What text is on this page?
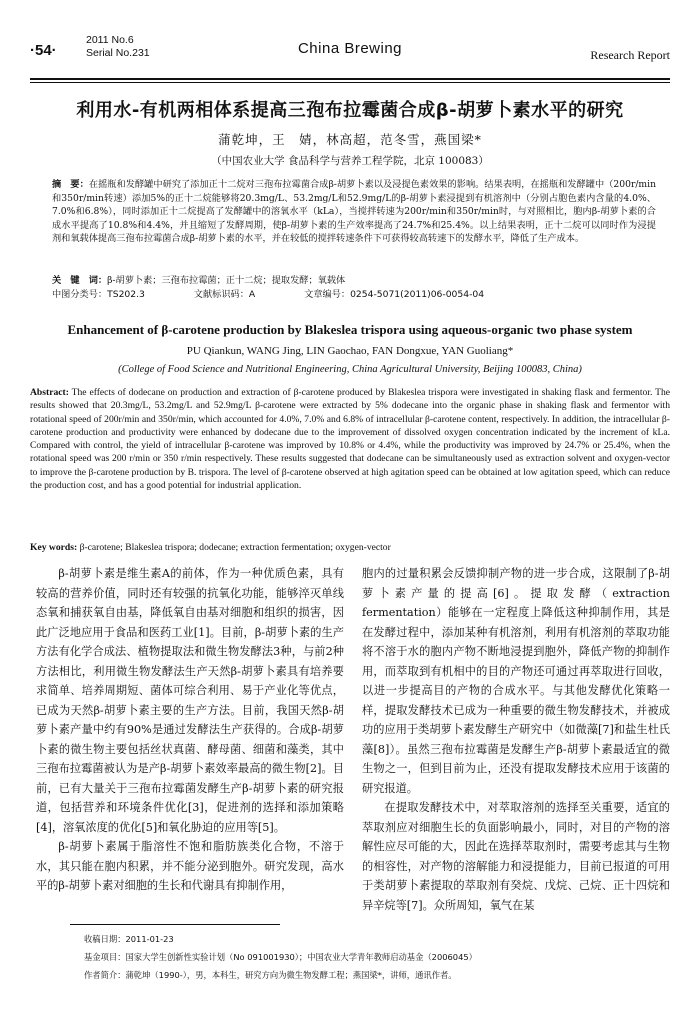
·54·
2011 No.6
Serial No.231	China Brewing	Research Report
利用水-有机两相体系提高三孢布拉霉菌合成β-胡萝卜素水平的研究
蒲乾坤，王　婧，林高超，范冬雪，燕国梁*
（中国农业大学 食品科学与营养工程学院，北京 100083）
摘　要：在摇瓶和发酵罐中研究了添加正十二烷对三孢布拉霉菌合成β-胡萝卜素以及浸提色素效果的影响。结果表明，在摇瓶和发酵罐中（200r/min和350r/min转速）添加5%的正十二烷能够将20.3mg/L、53.2mg/L和52.9mg/L的β-胡萝卜素浸提到有机溶剂中（分别占胞色素内含量的4.0%、7.0%和6.8%），同时添加正十二烷提高了发酵罐中的溶氧水平（kLa），当搅拌转速为200r/min和350r/min时，与对照相比，胞内β-胡萝卜素的合成水平提高了10.8%和4.4%，并且缩短了发酵周期，使β-胡萝卜素的生产效率提高了24.7%和25.4%。以上结果表明，正十二烷可以同时作为浸提剂和氧载体提高三孢布拉霉菌合成β-胡萝卜素的水平，并在较低的搅拌转速条件下可获得较高转速下的发酵水平，降低了生产成本。
关　键　词：β-胡萝卜素；三孢布拉霉菌；正十二烷；提取发酵；氧载体
中图分类号：TS202.3	文献标识码：A	文章编号：0254-5071(2011)06-0054-04
Enhancement of β-carotene production by Blakeslea trispora using aqueous-organic two phase system
PU Qiankun, WANG Jing, LIN Gaochao, FAN Dongxue, YAN Guoliang*
(College of Food Science and Nutritional Engineering, China Agricultural University, Beijing 100083, China)
Abstract: The effects of dodecane on production and extraction of β-carotene produced by Blakeslea trispora were investigated in shaking flask and fermentor. The results showed that 20.3mg/L, 53.2mg/L and 52.9mg/L β-carotene were extracted by 5% dodecane into the organic phase in shaking flask and fermentor with rotational speed of 200r/min and 350r/min, which accounted for 4.0%, 7.0% and 6.8% of intracellular β-carotene content, respectively. In addition, the intracellular β-carotene production and productivity were enhanced by dodecane due to the improvement of dissolved oxygen concentration indicated by the increment of kLa. Compared with control, the yield of intracellular β-carotene was improved by 10.8% or 4.4%, while the productivity was improved by 24.7% or 25.4%, when the rotational speed was 200 r/min or 350 r/min respectively. These results suggested that dodecane can be simultaneously used as extraction solvent and oxygen-vector to improve the β-carotene production by B. trispora. The level of β-carotene observed at high agitation speed can be obtained at low agitation speed, which can reduce the production cost, and has a good potential for industrial application.
Key words: β-carotene; Blakeslea trispora; dodecane; extraction fermentation; oxygen-vector

β-胡萝卜素是维生素A的前体，作为一种优质色素，具有较高的营养价值，同时还有较强的抗氧化功能，能够淬灭单线态氧和捕获氧自由基，降低氧自由基对细胞和组织的损害，因此广泛地应用于食品和医药工业[1]。目前，β-胡萝卜素的生产方法有化学合成法、植物提取法和微生物发酵法3种，与前2种方法相比，利用微生物发酵法生产天然β-胡萝卜素具有培养要求简单、培养周期短、菌体可综合利用、易于产业化等优点，已成为天然β-胡萝卜素主要的生产方法。目前，我国天然β-胡萝卜素产量中约有90%是通过发酵法生产获得的。合成β-胡萝卜素的微生物主要包括丝状真菌、酵母菌、细菌和藻类，其中三孢布拉霉菌被认为是产β-胡萝卜素效率最高的微生物[2]。目前，已有大量关于三孢布拉霉菌发酵生产β-胡萝卜素的研究报道，包括营养和环境条件优化[3]，促进剂的选择和添加策略[4]，溶氧浓度的优化[5]和氧化胁迫的应用等[5]。

β-胡萝卜素属于脂溶性不饱和脂肪族类化合物，不溶于水，其只能在胞内积累，并不能分泌到胞外。研究发现，高水平的β-胡萝卜素对细胞的生长和代谢具有抑制作用，

胞内的过量积累会反馈抑制产物的进一步合成，这限制了β-胡萝卜素产量的提高[6]。提取发酵（extraction fermentation）能够在一定程度上降低这种抑制作用，其是在发酵过程中，添加某种有机溶剂，利用有机溶剂的萃取功能将不溶于水的胞内产物不断地浸提到胞外，降低产物的抑制作用，而萃取到有机相中的目的产物还可通过再萃取进行回收，以进一步提高目的产物的合成水平。与其他发酵优化策略一样，提取发酵技术已成为一种重要的微生物发酵技术，并被成功的应用于类胡萝卜素发酵生产研究中（如微藻[7]和盐生杜氏藻[8]）。虽然三孢布拉霉菌是发酵生产β-胡萝卜素最适宜的微生物之一，但到目前为止，还没有提取发酵技术应用于该菌的研究报道。

在提取发酵技术中，对萃取溶剂的选择至关重要，适宜的萃取剂应对细胞生长的负面影响最小，同时，对目的产物的溶解性应尽可能的大，因此在选择萃取剂时，需要考虑其与生物的相容性，对产物的溶解能力和浸提能力，目前已报道的可用于类胡萝卜素提取的萃取剂有癸烷、戊烷、己烷、正十四烷和异辛烷等[7]。众所周知，氧气在某

收稿日期：2011-01-23
基金项目：国家大学生创新性实验计划（No 091001930）；中国农业大学青年教师启动基金（2006045）
作者简介：蒲乾坤（1990-），男，本科生，研究方向为微生物发酵工程；燕国梁*，讲师，通讯作者。
